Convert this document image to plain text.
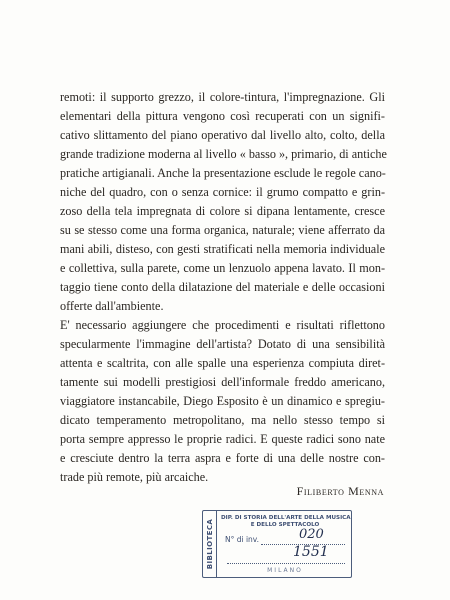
remoti: il supporto grezzo, il colore-tintura, l'impregnazione. Gli
elementari della pittura vengono così recuperati con un signifi-
cativo slittamento del piano operativo dal livello alto, colto, della
grande tradizione moderna al livello « basso », primario, di antiche
pratiche artigianali. Anche la presentazione esclude le regole cano-
niche del quadro, con o senza cornice: il grumo compatto e grin-
zoso della tela impregnata di colore si dipana lentamente, cresce
su se stesso come una forma organica, naturale; viene afferrato da
mani abili, disteso, con gesti stratificati nella memoria individuale
e collettiva, sulla parete, come un lenzuolo appena lavato. Il mon-
taggio tiene conto della dilatazione del materiale e delle occasioni
offerte dall'ambiente.
E' necessario aggiungere che procedimenti e risultati riflettono
specularmente l'immagine dell'artista? Dotato di una sensibilità
attenta e scaltrita, con alle spalle una esperienza compiuta diret-
tamente sui modelli prestigiosi dell'informale freddo americano,
viaggiatore instancabile, Diego Esposito è un dinamico e spregiu-
dicato temperamento metropolitano, ma nello stesso tempo si
porta sempre appresso le proprie radici. E queste radici sono nate
e cresciute dentro la terra aspra e forte di una delle nostre con-
trade più remote, più arcaiche.
Filiberto Menna
BIBLIOTECA
DIP. DI STORIA DELL'ARTE DELLA MUSICA
E DELLO SPETTACOLO
N° di inv.	020
1551
MILANO
